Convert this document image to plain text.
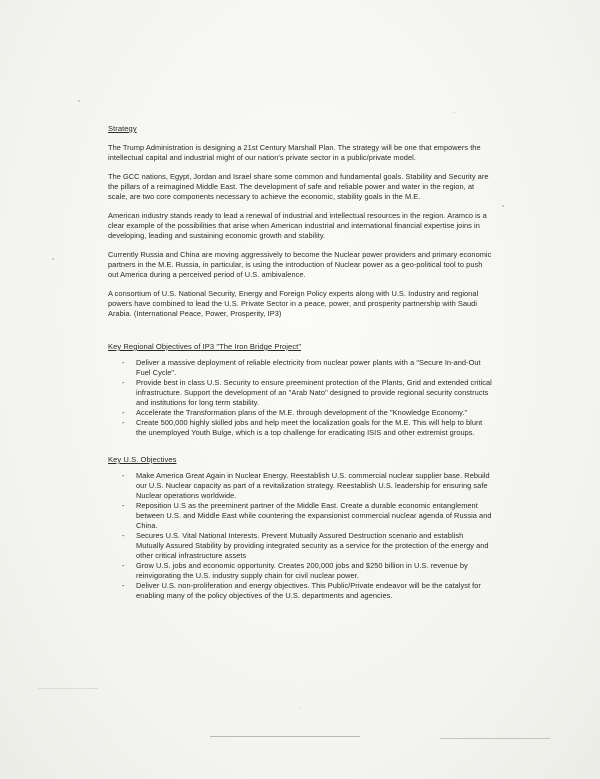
Strategy
The Trump Administration is designing a 21st Century Marshall Plan. The strategy will be one that empowers the intellectual capital and industrial might of our nation's private sector in a public/private model.
The GCC nations, Egypt, Jordan and Israel share some common and fundamental goals. Stability and Security are the pillars of a reimagined Middle East. The development of safe and reliable power and water in the region, at scale, are two core components necessary to achieve the economic, stability goals in the M.E.
American industry stands ready to lead a renewal of industrial and intellectual resources in the region. Aramco is a clear example of the possibilities that arise when American industrial and international financial expertise joins in developing, leading and sustaining economic growth and stability.
Currently Russia and China are moving aggressively to become the Nuclear power providers and primary economic partners in the M.E. Russia, in particular, is using the introduction of Nuclear power as a geo-political tool to push out America during a perceived period of U.S. ambivalence.
A consortium of U.S. National Security, Energy and Foreign Policy experts along with U.S. Industry and regional powers have combined to lead the U.S. Private Sector in a peace, power, and prosperity partnership with Saudi Arabia. (International Peace, Power, Prosperity, IP3)
Key Regional Objectives of IP3 "The Iron Bridge Project"
- Deliver a massive deployment of reliable electricity from nuclear power plants with a "Secure In-and-Out Fuel Cycle".
- Provide best in class U.S. Security to ensure preeminent protection of the Plants, Grid and extended critical infrastructure. Support the development of an "Arab Nato" designed to provide regional security constructs and institutions for long term stability.
- Accelerate the Transformation plans of the M.E. through development of the "Knowledge Economy."
- Create 500,000 highly skilled jobs and help meet the localization goals for the M.E. This will help to blunt the unemployed Youth Bulge, which is a top challenge for eradicating ISIS and other extremist groups.
Key U.S. Objectives
- Make America Great Again in Nuclear Energy. Reestablish U.S. commercial nuclear supplier base. Rebuild our U.S. Nuclear capacity as part of a revitalization strategy. Reestablish U.S. leadership for ensuring safe Nuclear operations worldwide.
- Reposition U.S as the preeminent partner of the Middle East. Create a durable economic entanglement between U.S. and Middle East while countering the expansionist commercial nuclear agenda of Russia and China.
- Secures U.S. Vital National Interests. Prevent Mutually Assured Destruction scenario and establish Mutually Assured Stability by providing integrated security as a service for the protection of the energy and other critical infrastructure assets
- Grow U.S. jobs and economic opportunity. Creates 200,000 jobs and $250 billion in U.S. revenue by reinvigorating the U.S. industry supply chain for civil nuclear power.
- Deliver U.S. non-proliferation and energy objectives. This Public/Private endeavor will be the catalyst for enabling many of the policy objectives of the U.S. departments and agencies.
